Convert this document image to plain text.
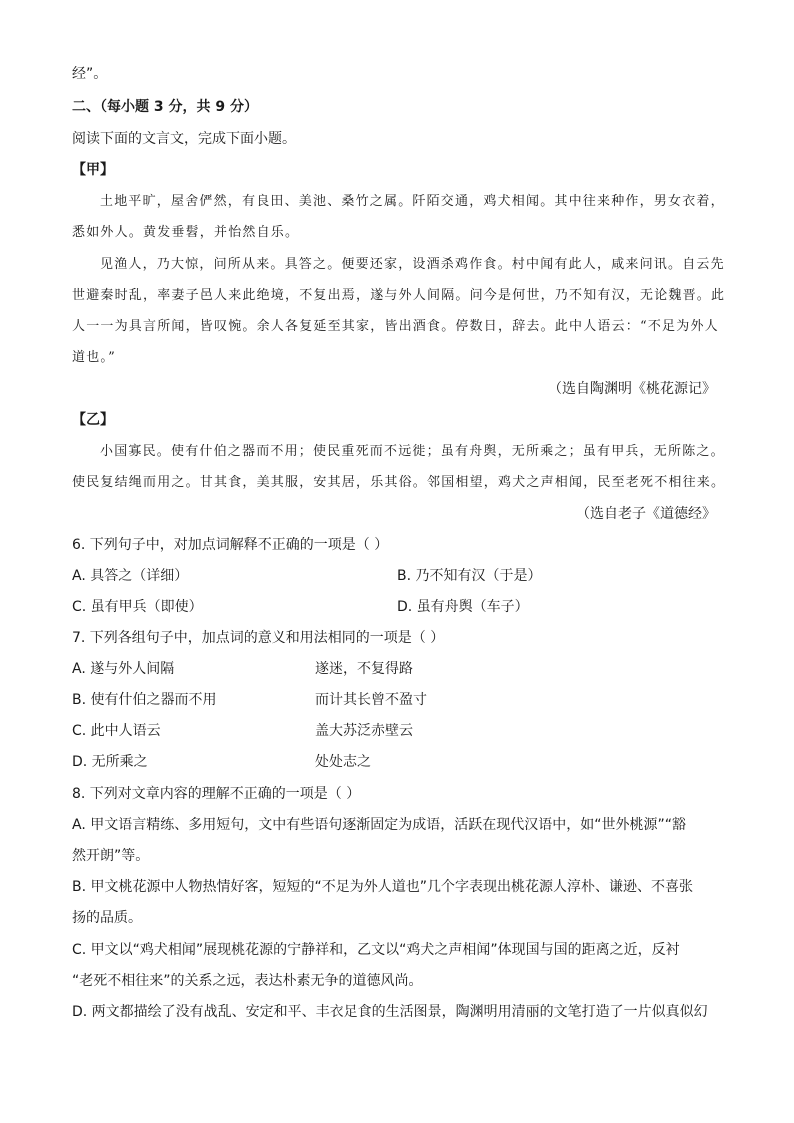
经”。
二、（每小题 3 分，共 9 分）
阅读下面的文言文，完成下面小题。
【甲】
土地平旷，屋舍俨然，有良田、美池、桑竹之属。阡陌交通，鸡犬相闻。其中往来种作，男女衣着，
悉如外人。黄发垂髫，并怡然自乐。
见渔人，乃大惊，问所从来。具答之。便要还家，设酒杀鸡作食。村中闻有此人，咸来问讯。自云先
世避秦时乱，率妻子邑人来此绝境，不复出焉，遂与外人间隔。问今是何世，乃不知有汉，无论魏晋。此
人一一为具言所闻，皆叹惋。余人各复延至其家，皆出酒食。停数日，辞去。此中人语云：“不足为外人
道也。”
（选自陶渊明《桃花源记》
【乙】
小国寡民。使有什伯之器而不用；使民重死而不远徙；虽有舟舆，无所乘之；虽有甲兵，无所陈之。
使民复结绳而用之。甘其食，美其服，安其居，乐其俗。邻国相望，鸡犬之声相闻，民至老死不相往来。
（选自老子《道德经》
6. 下列句子中，对加点词解释不正确的一项是（ ）
A. 具答之（详细）	B. 乃不知有汉（于是）
C. 虽有甲兵（即使）	D. 虽有舟舆（车子）
7. 下列各组句子中，加点词的意义和用法相同的一项是（ ）
A. 遂与外人间隔	遂迷，不复得路
B. 使有什伯之器而不用	而计其长曾不盈寸
C. 此中人语云	盖大苏泛赤壁云
D. 无所乘之	处处志之
8. 下列对文章内容的理解不正确的一项是（ ）
A. 甲文语言精练、多用短句，文中有些语句逐渐固定为成语，活跃在现代汉语中，如“世外桃源”“豁
然开朗”等。
B. 甲文桃花源中人物热情好客，短短的“不足为外人道也”几个字表现出桃花源人淳朴、谦逊、不喜张
扬的品质。
C. 甲文以“鸡犬相闻”展现桃花源的宁静祥和，乙文以“鸡犬之声相闻”体现国与国的距离之近，反衬
“老死不相往来”的关系之远，表达朴素无争的道德风尚。
D. 两文都描绘了没有战乱、安定和平、丰衣足食的生活图景，陶渊明用清丽的文笔打造了一片似真似幻
